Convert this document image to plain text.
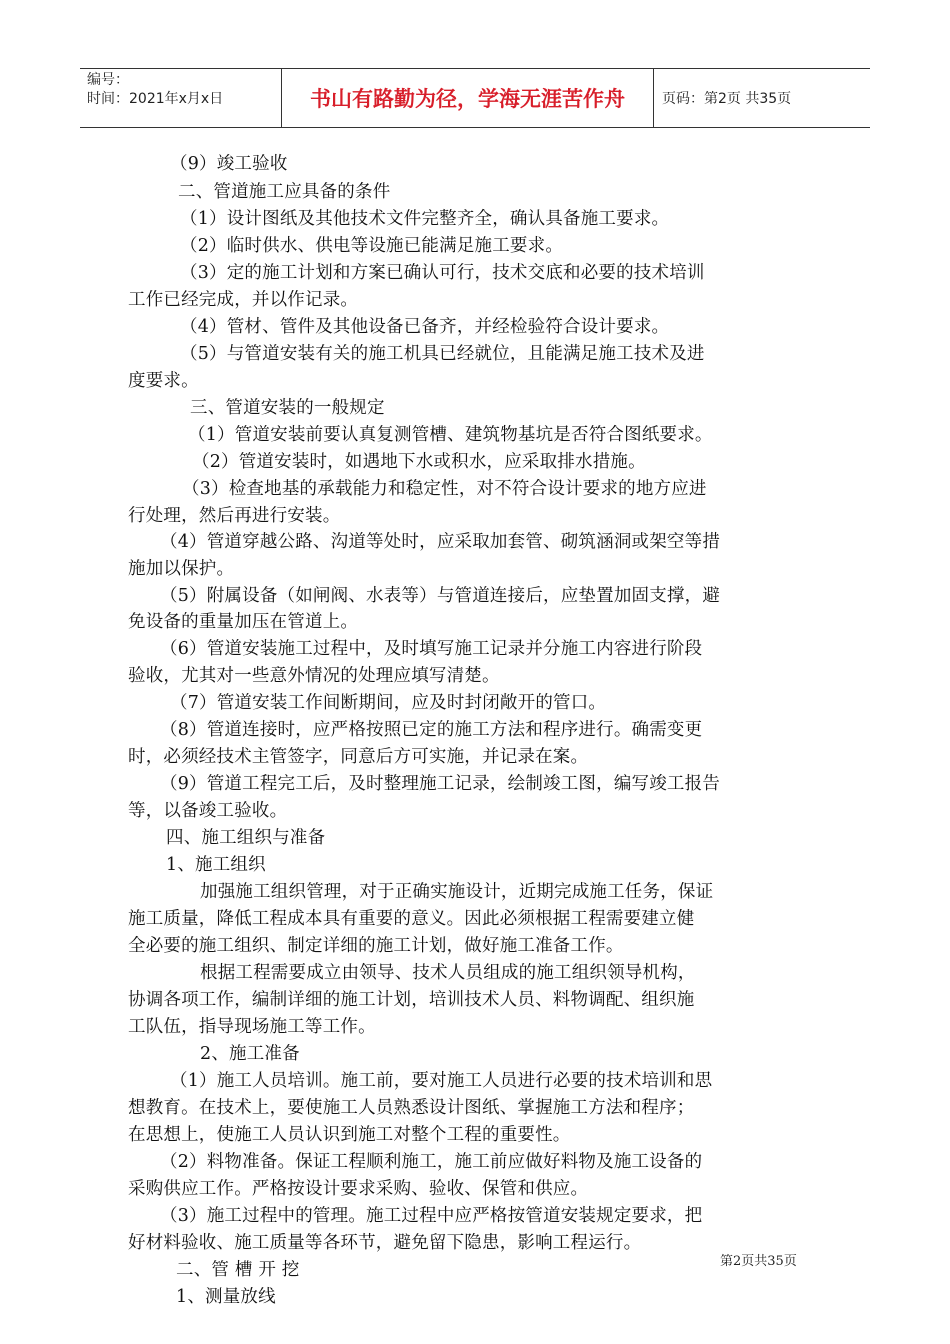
编号：
时间：2021年x月x日	书山有路勤为径，学海无涯苦作舟	页码：第2页 共35页
（9）竣工验收
二、管道施工应具备的条件
（1）设计图纸及其他技术文件完整齐全，确认具备施工要求。
（2）临时供水、供电等设施已能满足施工要求。
（3）定的施工计划和方案已确认可行，技术交底和必要的技术培训
工作已经完成，并以作记录。
（4）管材、管件及其他设备已备齐，并经检验符合设计要求。
（5）与管道安装有关的施工机具已经就位，且能满足施工技术及进
度要求。
三、管道安装的一般规定
（1）管道安装前要认真复测管槽、建筑物基坑是否符合图纸要求。
（2）管道安装时，如遇地下水或积水，应采取排水措施。
（3）检查地基的承载能力和稳定性，对不符合设计要求的地方应进
行处理，然后再进行安装。
（4）管道穿越公路、沟道等处时，应采取加套管、砌筑涵洞或架空等措
施加以保护。
（5）附属设备（如闸阀、水表等）与管道连接后，应垫置加固支撑，避
免设备的重量加压在管道上。
（6）管道安装施工过程中，及时填写施工记录并分施工内容进行阶段
验收，尤其对一些意外情况的处理应填写清楚。
（7）管道安装工作间断期间，应及时封闭敞开的管口。
（8）管道连接时，应严格按照已定的施工方法和程序进行。确需变更
时，必须经技术主管签字，同意后方可实施，并记录在案。
（9）管道工程完工后，及时整理施工记录，绘制竣工图，编写竣工报告
等，以备竣工验收。
四、施工组织与准备
1、施工组织
加强施工组织管理，对于正确实施设计，近期完成施工任务，保证
施工质量，降低工程成本具有重要的意义。因此必须根据工程需要建立健
全必要的施工组织、制定详细的施工计划，做好施工准备工作。
根据工程需要成立由领导、技术人员组成的施工组织领导机构，
协调各项工作，编制详细的施工计划，培训技术人员、料物调配、组织施
工队伍，指导现场施工等工作。
2、施工准备
（1）施工人员培训。施工前，要对施工人员进行必要的技术培训和思
想教育。在技术上，要使施工人员熟悉设计图纸、掌握施工方法和程序；
在思想上，使施工人员认识到施工对整个工程的重要性。
（2）料物准备。保证工程顺利施工，施工前应做好料物及施工设备的
采购供应工作。严格按设计要求采购、验收、保管和供应。
（3）施工过程中的管理。施工过程中应严格按管道安装规定要求，把
好材料验收、施工质量等各环节，避免留下隐患，影响工程运行。
二、管 槽 开 挖
1、测量放线
第2页共35页
